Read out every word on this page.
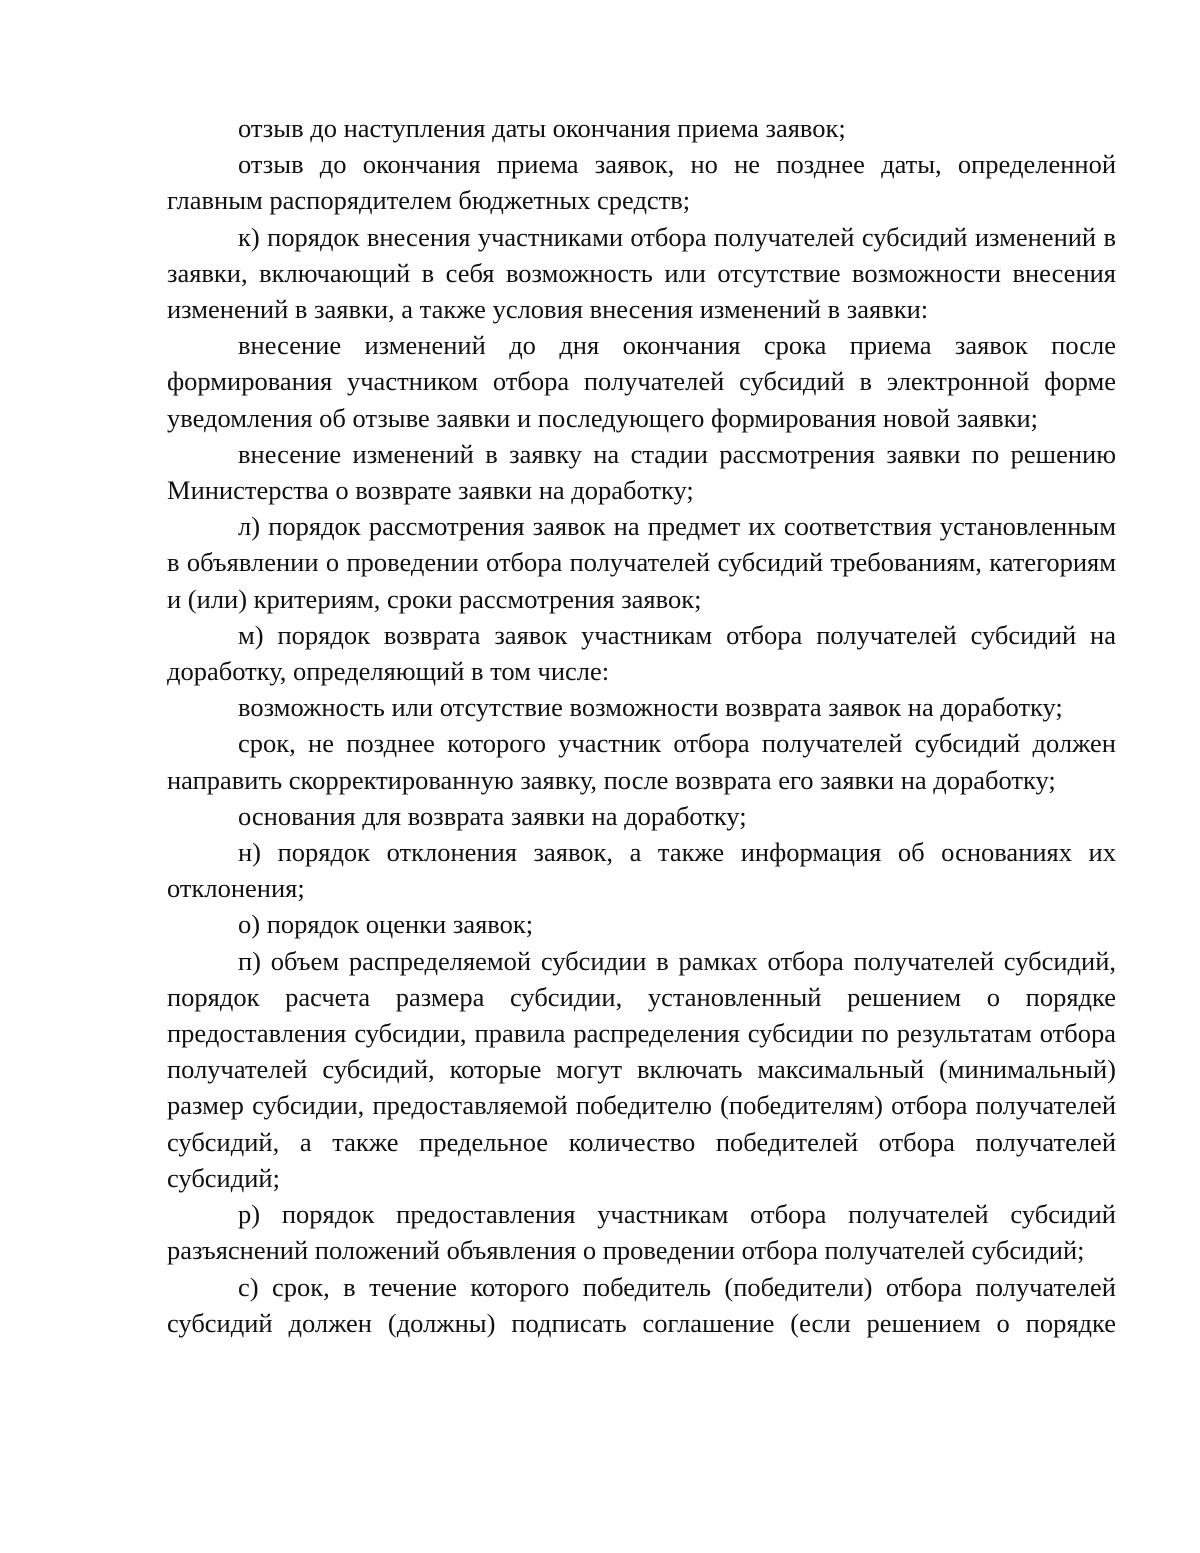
отзыв до наступления даты окончания приема заявок;

отзыв до окончания приема заявок, но не позднее даты, определенной главным распорядителем бюджетных средств;

к) порядок внесения участниками отбора получателей субсидий изменений в заявки, включающий в себя возможность или отсутствие возможности внесения изменений в заявки, а также условия внесения изменений в заявки:

внесение изменений до дня окончания срока приема заявок после формирования участником отбора получателей субсидий в электронной форме уведомления об отзыве заявки и последующего формирования новой заявки;

внесение изменений в заявку на стадии рассмотрения заявки по решению Министерства о возврате заявки на доработку;

л) порядок рассмотрения заявок на предмет их соответствия установленным в объявлении о проведении отбора получателей субсидий требованиям, категориям и (или) критериям, сроки рассмотрения заявок;

м) порядок возврата заявок участникам отбора получателей субсидий на доработку, определяющий в том числе:

возможность или отсутствие возможности возврата заявок на доработку;

срок, не позднее которого участник отбора получателей субсидий должен направить скорректированную заявку, после возврата его заявки на доработку;

основания для возврата заявки на доработку;

н) порядок отклонения заявок, а также информация об основаниях их отклонения;

о) порядок оценки заявок;

п) объем распределяемой субсидии в рамках отбора получателей субсидий, порядок расчета размера субсидии, установленный решением о порядке предоставления субсидии, правила распределения субсидии по результатам отбора получателей субсидий, которые могут включать максимальный (минимальный) размер субсидии, предоставляемой победителю (победителям) отбора получателей субсидий, а также предельное количество победителей отбора получателей субсидий;

р) порядок предоставления участникам отбора получателей субсидий разъяснений положений объявления о проведении отбора получателей субсидий;

с) срок, в течение которого победитель (победители) отбора получателей субсидий должен (должны) подписать соглашение (если решением о порядке
